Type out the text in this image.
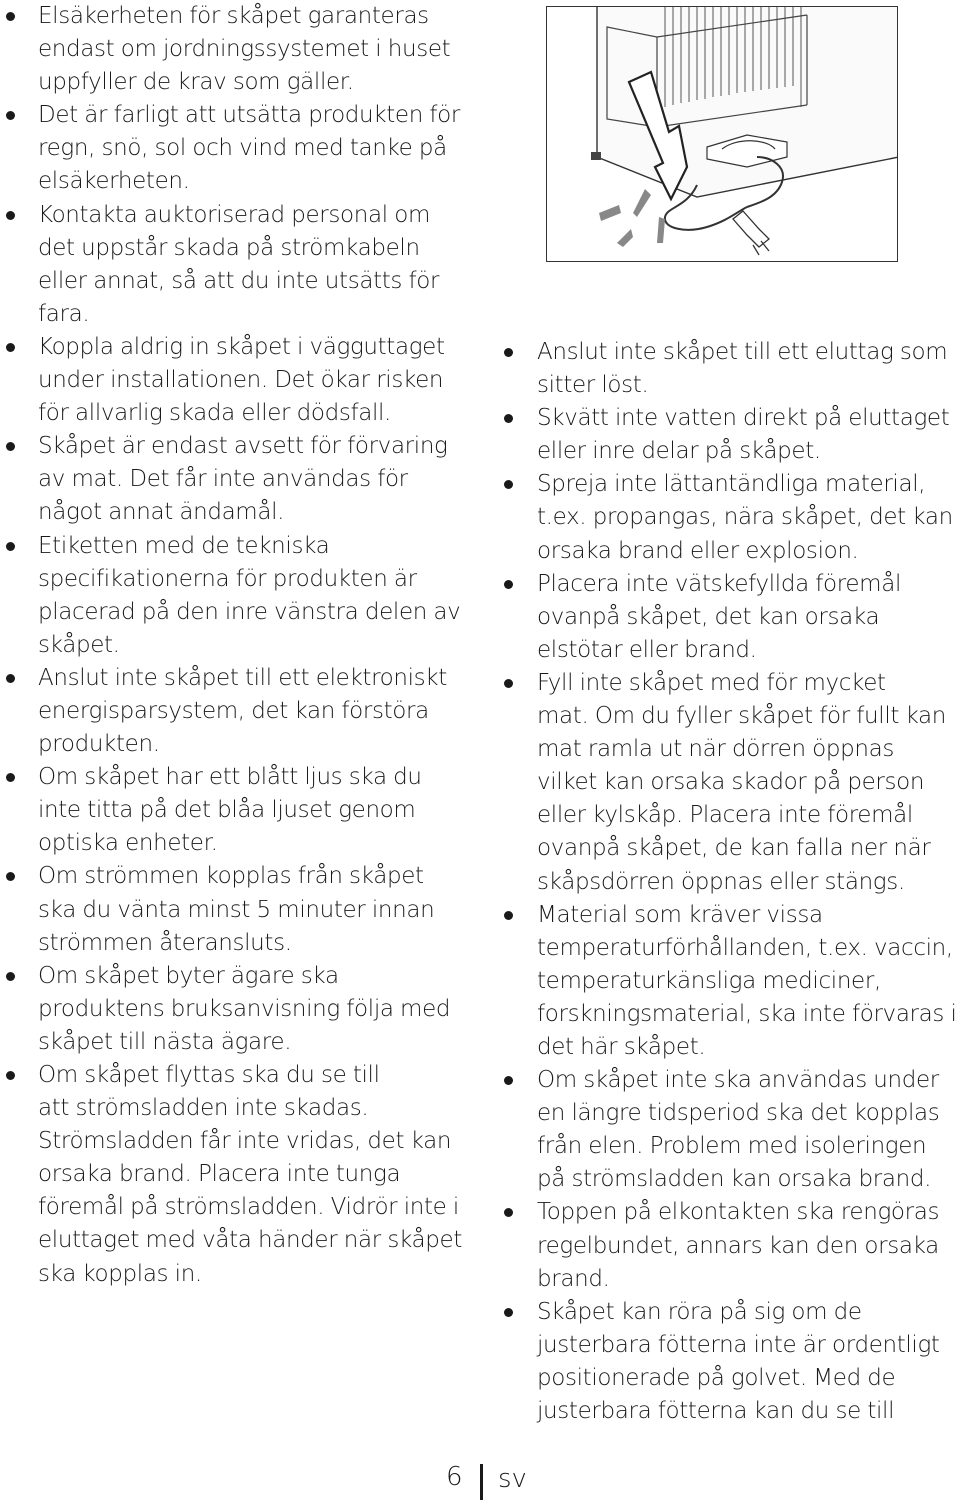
Elsäkerheten för skåpet garanteras
endast om jordningssystemet i huset
uppfyller de krav som gäller.
Det är farligt att utsätta produkten för
regn, snö, sol och vind med tanke på
elsäkerheten.
Kontakta auktoriserad personal om
det uppstår skada på strömkabeln
eller annat, så att du inte utsätts för
fara.
Koppla aldrig in skåpet i vägguttaget
under installationen. Det ökar risken
för allvarlig skada eller dödsfall.
Skåpet är endast avsett för förvaring
av mat. Det får inte användas för
något annat ändamål.
Etiketten med de tekniska
specifikationerna för produkten är
placerad på den inre vänstra delen av
skåpet.
Anslut inte skåpet till ett elektroniskt
energisparsystem, det kan förstöra
produkten.
Om skåpet har ett blått ljus ska du
inte titta på det blåa ljuset genom
optiska enheter.
Om strömmen kopplas från skåpet
ska du vänta minst 5 minuter innan
strömmen återansluts.
Om skåpet byter ägare ska
produktens bruksanvisning följa med
skåpet till nästa ägare.
Om skåpet flyttas ska du se till
att strömsladden inte skadas.
Strömsladden får inte vridas, det kan
orsaka brand. Placera inte tunga
föremål på strömsladden. Vidrör inte i
eluttaget med våta händer när skåpet
ska kopplas in.
Anslut inte skåpet till ett eluttag som
sitter löst.
Skvätt inte vatten direkt på eluttaget
eller inre delar på skåpet.
Spreja inte lättantändliga material,
t.ex. propangas, nära skåpet, det kan
orsaka brand eller explosion.
Placera inte vätskefyllda föremål
ovanpå skåpet, det kan orsaka
elstötar eller brand.
Fyll inte skåpet med för mycket
mat. Om du fyller skåpet för fullt kan
mat ramla ut när dörren öppnas
vilket kan orsaka skador på person
eller kylskåp. Placera inte föremål
ovanpå skåpet, de kan falla ner när
skåpsdörren öppnas eller stängs.
Material som kräver vissa
temperaturförhållanden, t.ex. vaccin,
temperaturkänsliga mediciner,
forskningsmaterial, ska inte förvaras i
det här skåpet.
Om skåpet inte ska användas under
en längre tidsperiod ska det kopplas
från elen. Problem med isoleringen
på strömsladden kan orsaka brand.
Toppen på elkontakten ska rengöras
regelbundet, annars kan den orsaka
brand.
Skåpet kan röra på sig om de
justerbara fötterna inte är ordentligt
positionerade på golvet. Med de
justerbara fötterna kan du se till
6 sv
